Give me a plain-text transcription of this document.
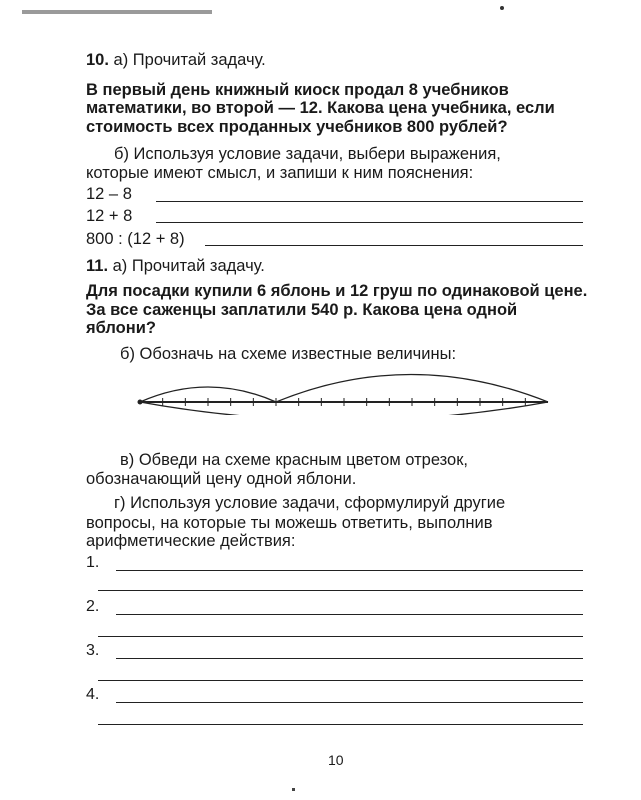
10. а) Прочитай задачу.
В первый день книжный киоск продал 8 учебников
математики, во второй — 12. Какова цена учебника, если
стоимость всех проданных учебников 800 рублей?
б) Используя условие задачи, выбери выражения,
которые имеют смысл, и запиши к ним пояснения:
12 – 8
12 + 8
800 : (12 + 8)
11. а) Прочитай задачу.
Для посадки купили 6 яблонь и 12 груш по одинаковой цене.
За все саженцы заплатили 540 р. Какова цена одной
яблони?
б) Обозначь на схеме известные величины:
в) Обведи на схеме красным цветом отрезок,
обозначающий цену одной яблони.
г) Используя условие задачи, сформулируй другие
вопросы, на которые ты можешь ответить, выполнив
арифметические действия:
1.
2.
3.
4.
10
